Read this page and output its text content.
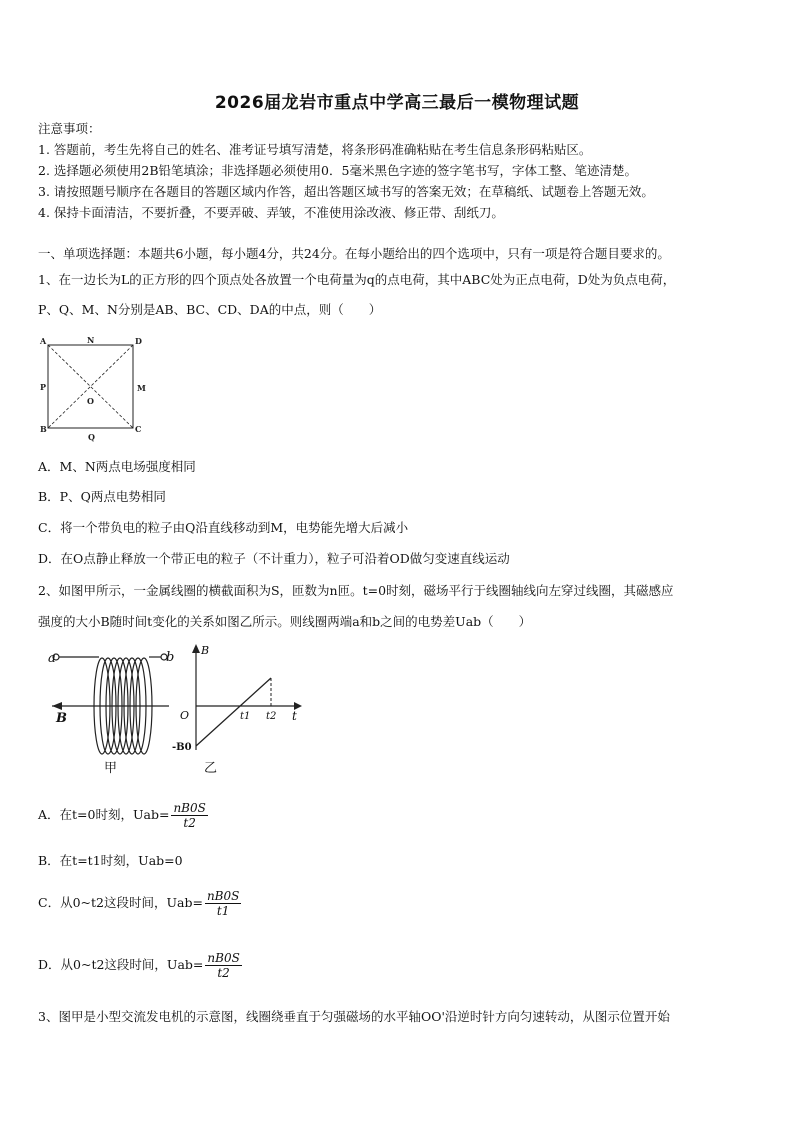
2026届龙岩市重点中学高三最后一模物理试题
注意事项：
1. 答题前，考生先将自己的姓名、准考证号填写清楚，将条形码准确粘贴在考生信息条形码粘贴区。
2. 选择题必须使用2B铅笔填涂；非选择题必须使用0．5毫米黑色字迹的签字笔书写，字体工整、笔迹清楚。
3. 请按照题号顺序在各题目的答题区域内作答，超出答题区域书写的答案无效；在草稿纸、试题卷上答题无效。
4. 保持卡面清洁，不要折叠，不要弄破、弄皱，不准使用涂改液、修正带、刮纸刀。
一、单项选择题：本题共6小题，每小题4分，共24分。在每小题给出的四个选项中，只有一项是符合题目要求的。
1、在一边长为L的正方形的四个顶点处各放置一个电荷量为q的点电荷，其中ABC处为正点电荷，D处为负点电荷，
P、Q、M、N分别是AB、BC、CD、DA的中点，则（　　）
A	N	D
P	M
O
B	C
Q
A．M、N两点电场强度相同
B．P、Q两点电势相同
C．将一个带负电的粒子由Q沿直线移动到M，电势能先增大后减小
D．在O点静止释放一个带正电的粒子（不计重力），粒子可沿着OD做匀变速直线运动
2、如图甲所示，一金属线圈的横截面积为S，匝数为n匝。t=0时刻，磁场平行于线圈轴线向左穿过线圈，其磁感应
强度的大小B随时间t变化的关系如图乙所示。则线圈两端a和b之间的电势差Uab（　　）
a	b
B
甲
B
t
O	t1 t2
-B0
乙
A．在t=0时刻，$Uab= \frac{nB0S}{t2}$
B．在t=t1时刻，Uab=0
C．从0~t2这段时间，$Uab= \frac{nB0S}{t1}$
D．从0~t2这段时间，$Uab= \frac{nB0S}{t2}$
3、图甲是小型交流发电机的示意图，线圈绕垂直于匀强磁场的水平轴OO'沿逆时针方向匀速转动，从图示位置开始
